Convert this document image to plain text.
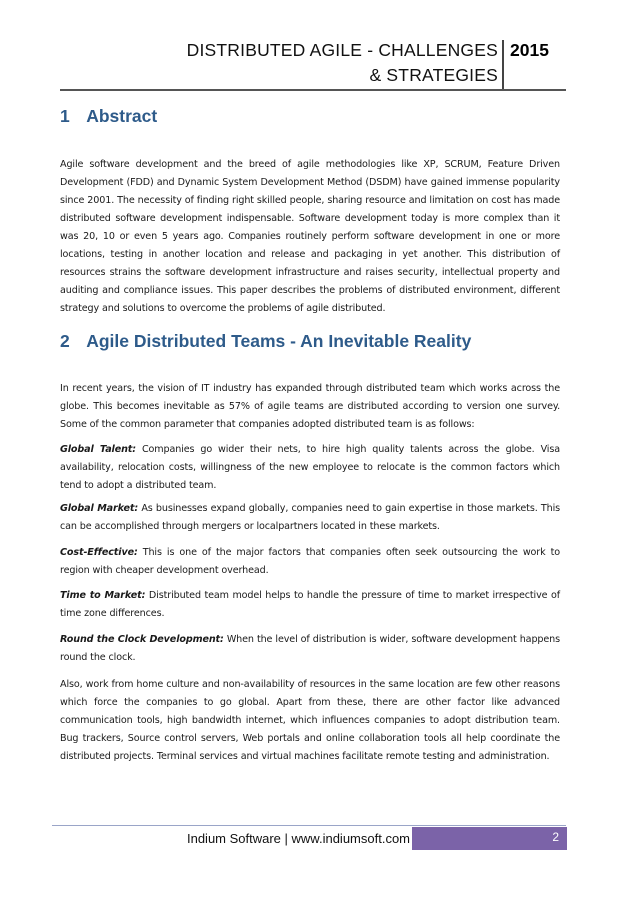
DISTRIBUTED AGILE - CHALLENGES
& STRATEGIES
2015
1 Abstract

Agile software development and the breed of agile methodologies like XP, SCRUM, Feature Driven Development (FDD) and Dynamic System Development Method (DSDM) have gained immense popularity since 2001. The necessity of finding right skilled people, sharing resource and limitation on cost has made distributed software development indispensable. Software development today is more complex than it was 20, 10 or even 5 years ago. Companies routinely perform software development in one or more locations, testing in another location and release and packaging in yet another. This distribution of resources strains the software development infrastructure and raises security, intellectual property and auditing and compliance issues. This paper describes the problems of distributed environment, different strategy and solutions to overcome the problems of agile distributed.

2 Agile Distributed Teams - An Inevitable Reality

In recent years, the vision of IT industry has expanded through distributed team which works across the globe. This becomes inevitable as 57% of agile teams are distributed according to version one survey. Some of the common parameter that companies adopted distributed team is as follows:

Global Talent: Companies go wider their nets, to hire high quality talents across the globe. Visa availability, relocation costs, willingness of the new employee to relocate is the common factors which tend to adopt a distributed team.

Global Market: As businesses expand globally, companies need to gain expertise in those markets. This can be accomplished through mergers or localpartners located in these markets.

Cost-Effective: This is one of the major factors that companies often seek outsourcing the work to region with cheaper development overhead.

Time to Market: Distributed team model helps to handle the pressure of time to market irrespective of time zone differences.

Round the Clock Development: When the level of distribution is wider, software development happens round the clock.

Also, work from home culture and non-availability of resources in the same location are few other reasons which force the companies to go global. Apart from these, there are other factor like advanced communication tools, high bandwidth internet, which influences companies to adopt distribution team. Bug trackers, Source control servers, Web portals and online collaboration tools all help coordinate the distributed projects. Terminal services and virtual machines facilitate remote testing and administration.

Indium Software | www.indiumsoft.com	2
